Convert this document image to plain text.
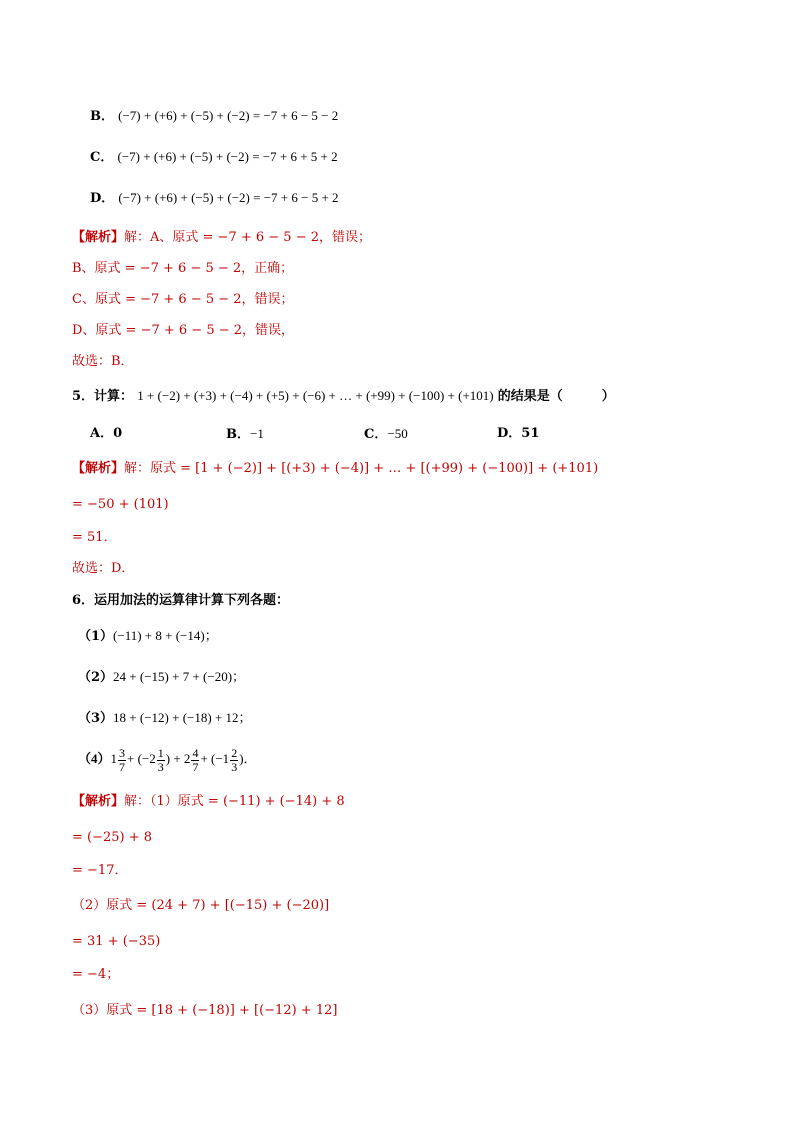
B． (−7) + (+6) + (−5) + (−2) = −7 + 6 − 5 − 2
C． (−7) + (+6) + (−5) + (−2) = −7 + 6 + 5 + 2
D． (−7) + (+6) + (−5) + (−2) = −7 + 6 − 5 + 2
【解析】解：A、原式 = −7 + 6 − 5 − 2，错误；
B、原式 = −7 + 6 − 5 − 2，正确；
C、原式 = −7 + 6 − 5 − 2，错误；
D、原式 = −7 + 6 − 5 − 2，错误，
故选：B．
5．计算： 1 + (−2) + (+3) + (−4) + (+5) + (−6) + … + (+99) + (−100) + (+101) 的结果是（　　　）
A．0	B．−1	C．−50	D．51
【解析】解：原式 = [1 + (−2)] + [(+3) + (−4)] + … + [(+99) + (−100)] + (+101)
= −50 + (101)
= 51．
故选：D．
6．运用加法的运算律计算下列各题：
（1）(−11) + 8 + (−14)；
（2）24 + (−15) + 7 + (−20)；
（3）18 + (−12) + (−18) + 12；
$(4)1 \frac{3}{7} + (-2 \frac{1}{3}$ ) + $2 \frac{4}{7} + (-1 \frac{2}{3}$ )．
【解析】解：（1）原式 = (−11) + (−14) + 8
= (−25) + 8
= −17．
（2）原式 = (24 + 7) + [(−15) + (−20)]
= 31 + (−35)
= −4；
（3）原式 = [18 + (−18)] + [(−12) + 12]
